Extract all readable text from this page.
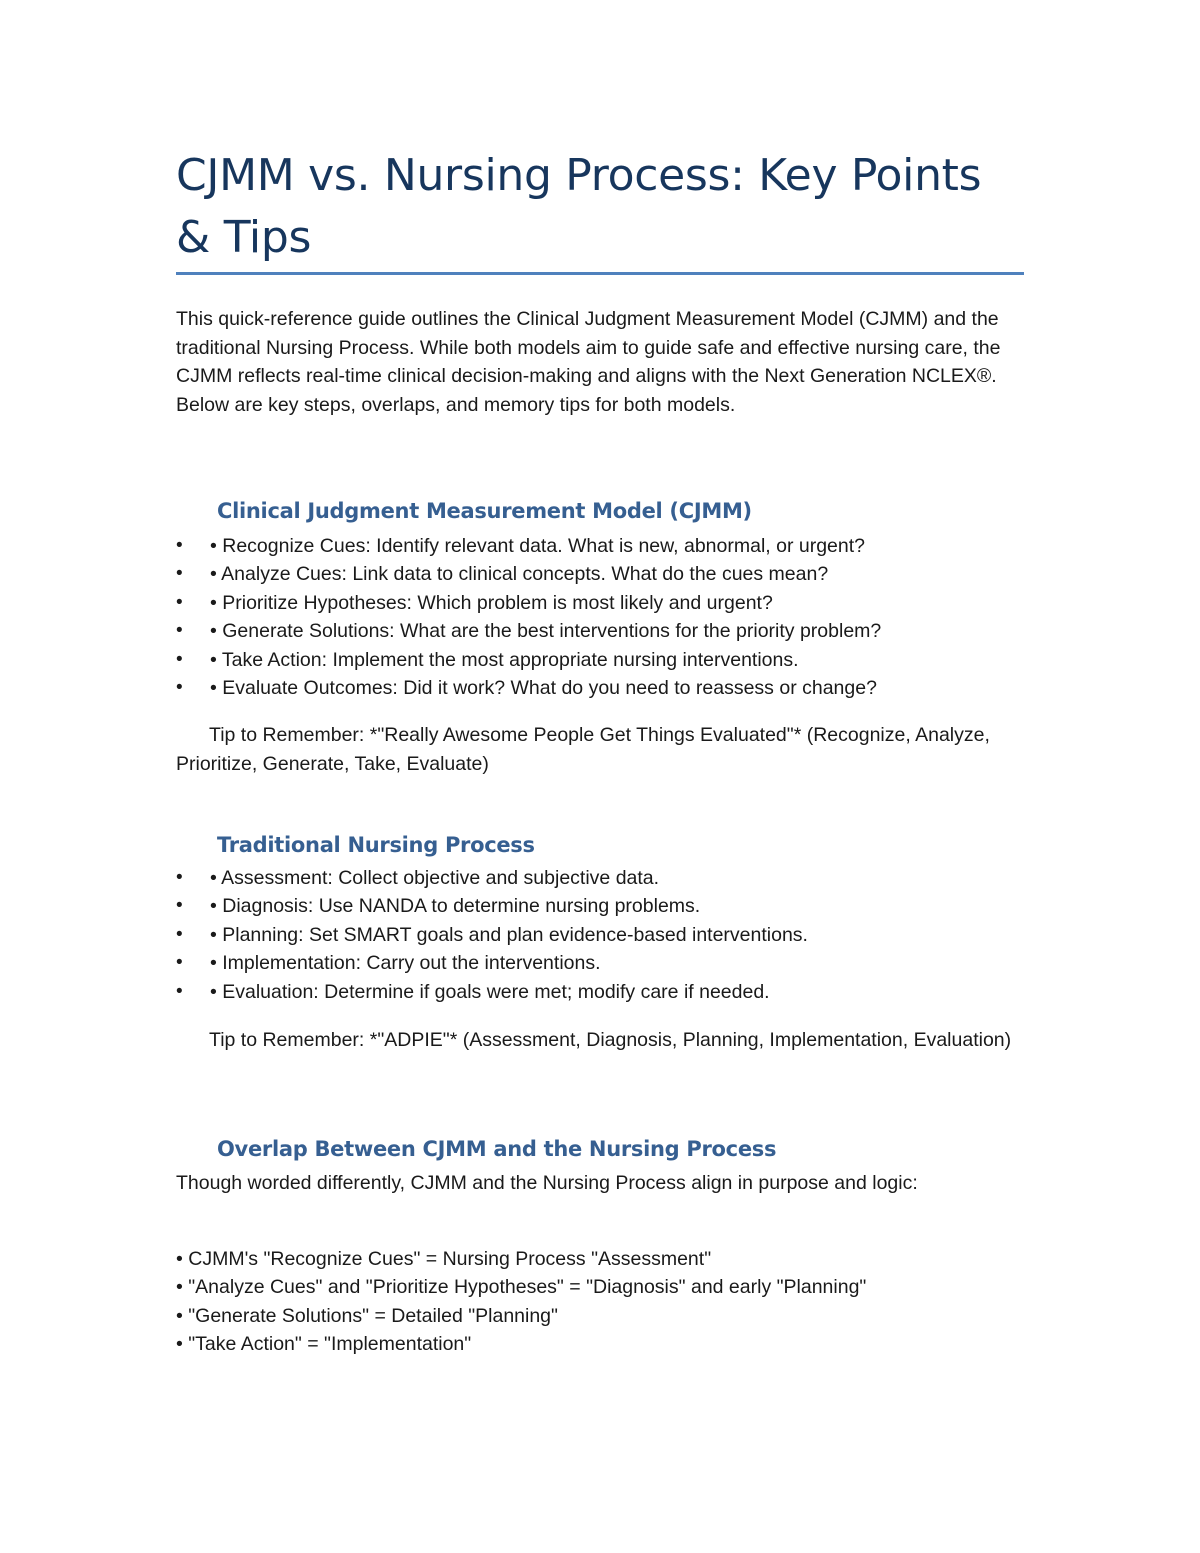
CJMM vs. Nursing Process: Key Points & Tips

This quick-reference guide outlines the Clinical Judgment Measurement Model (CJMM) and the traditional Nursing Process. While both models aim to guide safe and effective nursing care, the CJMM reflects real-time clinical decision-making and aligns with the Next Generation NCLEX®. Below are key steps, overlaps, and memory tips for both models.

Clinical Judgment Measurement Model (CJMM)
• • Recognize Cues: Identify relevant data. What is new, abnormal, or urgent?
• • Analyze Cues: Link data to clinical concepts. What do the cues mean?
• • Prioritize Hypotheses: Which problem is most likely and urgent?
• • Generate Solutions: What are the best interventions for the priority problem?
• • Take Action: Implement the most appropriate nursing interventions.
• • Evaluate Outcomes: Did it work? What do you need to reassess or change?

Tip to Remember: *"Really Awesome People Get Things Evaluated"* (Recognize, Analyze, Prioritize, Generate, Take, Evaluate)

Traditional Nursing Process
• • Assessment: Collect objective and subjective data.
• • Diagnosis: Use NANDA to determine nursing problems.
• • Planning: Set SMART goals and plan evidence-based interventions.
• • Implementation: Carry out the interventions.
• • Evaluation: Determine if goals were met; modify care if needed.

Tip to Remember: *"ADPIE"* (Assessment, Diagnosis, Planning, Implementation, Evaluation)

Overlap Between CJMM and the Nursing Process

Though worded differently, CJMM and the Nursing Process align in purpose and logic:

• CJMM's "Recognize Cues" = Nursing Process "Assessment"
• "Analyze Cues" and "Prioritize Hypotheses" = "Diagnosis" and early "Planning"
• "Generate Solutions" = Detailed "Planning"
• "Take Action" = "Implementation"
